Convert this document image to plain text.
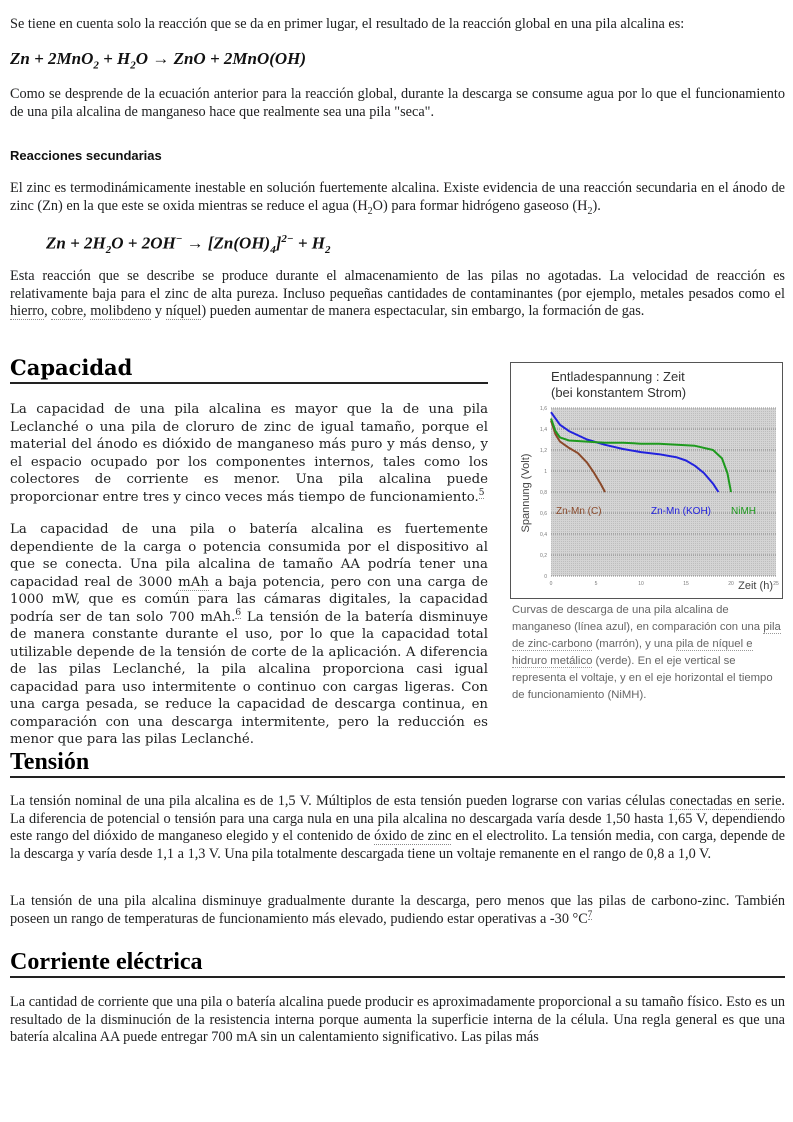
Se tiene en cuenta solo la reacción que se da en primer lugar, el resultado de la reacción global en una pila alcalina es:

$Zn + 2MnO_2 + H_2O$ → ZnO + 2MnO(OH)

Como se desprende de la ecuación anterior para la reacción global, durante la descarga se consume agua por lo que el funcionamiento de una pila alcalina de manganeso hace que realmente sea una pila "seca".

Reacciones secundarias

El zinc es termodinámicamente inestable en solución fuertemente alcalina. Existe evidencia de una reacción secundaria en el ánodo de zinc (Zn) en la que este se oxida mientras se reduce el agua $(H_2O)$ para formar hidrógeno gaseoso $(H_2)$.

$Zn + 2H_2O + 2OH^- \to [Zn(OH)_4]^{2-} + H_2$

Esta reacción que se describe se produce durante el almacenamiento de las pilas no agotadas. La velocidad de reacción es relativamente baja para el zinc de alta pureza. Incluso pequeñas cantidades de contaminantes (por ejemplo, metales pesados como el hierro, cobre, molibdeno y níquel) pueden aumentar de manera espectacular, sin embargo, la formación de gas.

Capacidad

La capacidad de una pila alcalina es mayor que la de una pila Leclanché o una pila de cloruro de zinc de igual tamaño, porque el material del ánodo es dióxido de manganeso más puro y más denso, y el espacio ocupado por los componentes internos, tales como los colectores de corriente es menor. Una pila alcalina puede proporcionar entre tres y cinco veces más tiempo de funcionamiento.$^5$

La capacidad de una pila o batería alcalina es fuertemente dependiente de la carga o potencia consumida por el dispositivo al que se conecta. Una pila alcalina de tamaño AA podría tener una capacidad real de 3000 mAh a baja potencia, pero con una carga de 1000 mW, que es común para las cámaras digitales, la capacidad podría ser de tan solo 700 mAh.$^6$ La tensión de la batería disminuye de manera constante durante el uso, por lo que la capacidad total utilizable depende de la tensión de corte de la aplicación. A diferencia de las pilas Leclanché, la pila alcalina proporciona casi igual capacidad para uso intermitente o continuo con cargas ligeras. Con una carga pesada, se reduce la capacidad de descarga continua, en comparación con una descarga intermitente, pero la reducción es menor que para las pilas Leclanché.

Tensión

La tensión nominal de una pila alcalina es de 1,5 V. Múltiplos de esta tensión pueden lograrse con varias células conectadas en serie. La diferencia de potencial o tensión para una carga nula en una pila alcalina no descargada varía desde 1,50 hasta 1,65 V, dependiendo este rango del dióxido de manganeso elegido y el contenido de óxido de zinc en el electrolito. La tensión media, con carga, depende de la descarga y varía desde 1,1 a 1,3 V. Una pila totalmente descargada tiene un voltaje remanente en el rango de 0,8 a 1,0 V.

La tensión de una pila alcalina disminuye gradualmente durante la descarga, pero menos que las pilas de carbono-zinc. También poseen un rango de temperaturas de funcionamiento más elevado, pudiendo estar operativas a -30 °C$^7$

Corriente eléctrica

La cantidad de corriente que una pila o batería alcalina puede producir es aproximadamente proporcional a su tamaño físico. Esto es un resultado de la disminución de la resistencia interna porque aumenta la superficie interna de la célula. Una regla general es que una batería alcalina AA puede entregar 700 mA sin un calentamiento significativo. Las pilas más

Entladespannung : Zeit
(bei konstantem Strom)
Spannung (Volt)
0
0,2
0,4
0,6
0,8
1
1,2
1,4
1,6
0	5	10	15	20	25
Zn-Mn (C)	Zn-Mn (KOH) NiMH
Zeit (h)
Curvas de descarga de una pila alcalina de manganeso (línea azul), en comparación con una pila de zinc-carbono (marrón), y una pila de níquel e hidruro metálico (verde). En el eje vertical se representa el voltaje, y en el eje horizontal el tiempo de funcionamiento (NiMH).
